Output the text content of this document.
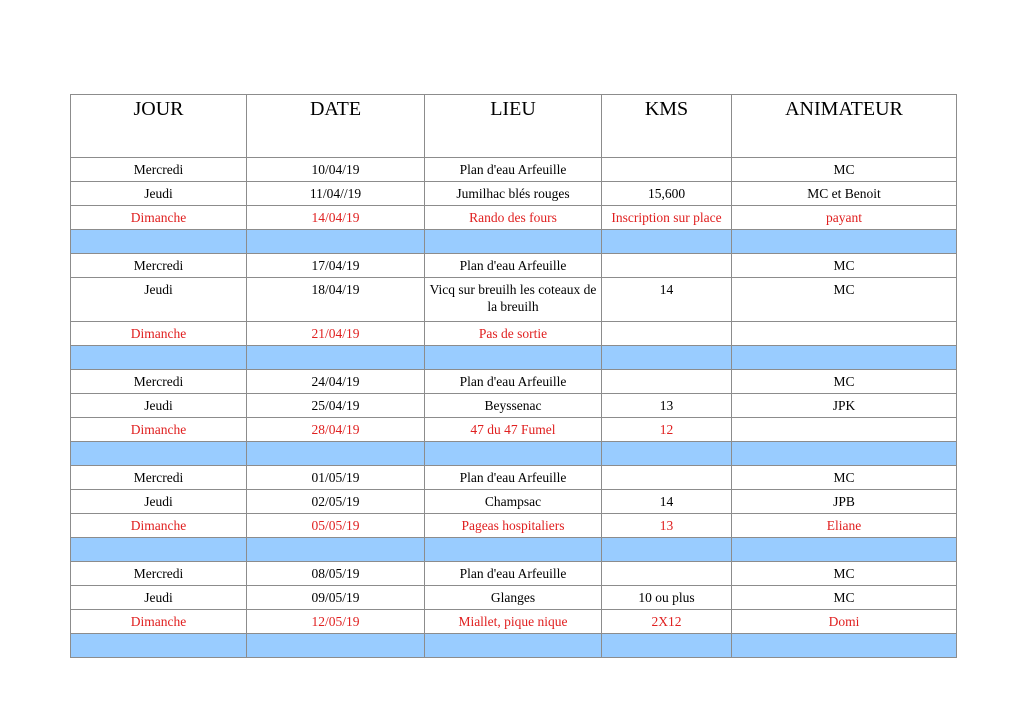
JOUR	DATE	LIEU	KMS	ANIMATEUR
Mercredi	10/04/19	Plan d'eau Arfeuille		MC
Jeudi	11/04//19	Jumilhac blés rouges	15,600	MC et Benoit
Dimanche	14/04/19	Rando des fours	Inscription sur place	payant

Mercredi	17/04/19	Plan d'eau Arfeuille		MC
Jeudi	18/04/19	Vicq sur breuilh les coteaux de la breuilh	14	MC
Dimanche	21/04/19	Pas de sortie		

Mercredi	24/04/19	Plan d'eau Arfeuille		MC
Jeudi	25/04/19	Beyssenac	13	JPK
Dimanche	28/04/19	47 du 47 Fumel	12	

Mercredi	01/05/19	Plan d'eau Arfeuille		MC
Jeudi	02/05/19	Champsac	14	JPB
Dimanche	05/05/19	Pageas hospitaliers	13	Eliane

Mercredi	08/05/19	Plan d'eau Arfeuille		MC
Jeudi	09/05/19	Glanges	10 ou plus	MC
Dimanche	12/05/19	Miallet, pique nique	2X12	Domi
